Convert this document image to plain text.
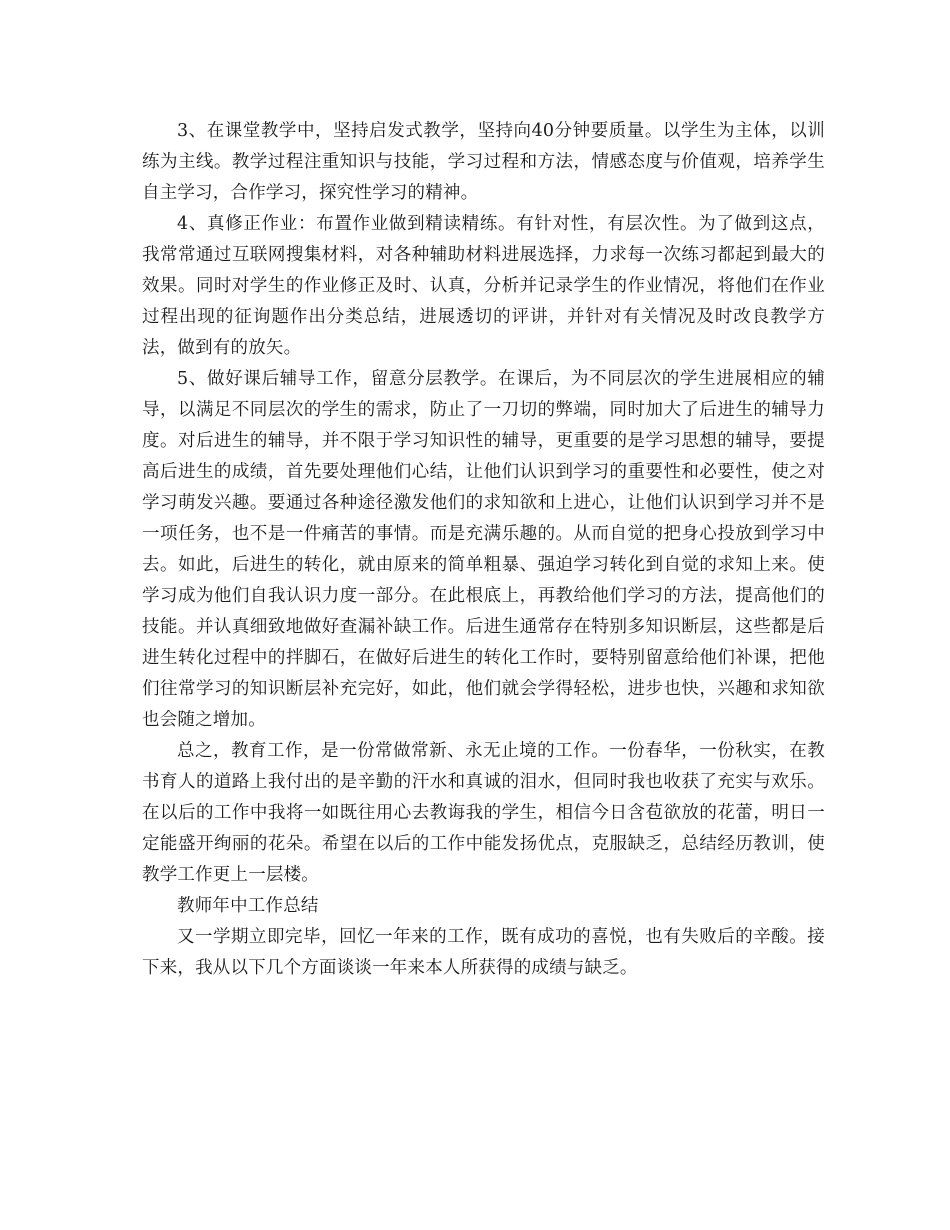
3、在课堂教学中，坚持启发式教学，坚持向40分钟要质量。以学生为主体，以训练为主线。教学过程注重知识与技能，学习过程和方法，情感态度与价值观，培养学生自主学习，合作学习，探究性学习的精神。

4、真修正作业：布置作业做到精读精练。有针对性，有层次性。为了做到这点，我常常通过互联网搜集材料，对各种辅助材料进展选择，力求每一次练习都起到最大的效果。同时对学生的作业修正及时、认真，分析并记录学生的作业情况，将他们在作业过程出现的征询题作出分类总结，进展透切的评讲，并针对有关情况及时改良教学方法，做到有的放矢。

5、做好课后辅导工作，留意分层教学。在课后，为不同层次的学生进展相应的辅导，以满足不同层次的学生的需求，防止了一刀切的弊端，同时加大了后进生的辅导力度。对后进生的辅导，并不限于学习知识性的辅导，更重要的是学习思想的辅导，要提高后进生的成绩，首先要处理他们心结，让他们认识到学习的重要性和必要性，使之对学习萌发兴趣。要通过各种途径激发他们的求知欲和上进心，让他们认识到学习并不是一项任务，也不是一件痛苦的事情。而是充满乐趣的。从而自觉的把身心投放到学习中去。如此，后进生的转化，就由原来的简单粗暴、强迫学习转化到自觉的求知上来。使学习成为他们自我认识力度一部分。在此根底上，再教给他们学习的方法，提高他们的技能。并认真细致地做好查漏补缺工作。后进生通常存在特别多知识断层，这些都是后进生转化过程中的拌脚石，在做好后进生的转化工作时，要特别留意给他们补课，把他们往常学习的知识断层补充完好，如此，他们就会学得轻松，进步也快，兴趣和求知欲也会随之增加。

总之，教育工作，是一份常做常新、永无止境的工作。一份春华，一份秋实，在教书育人的道路上我付出的是辛勤的汗水和真诚的泪水，但同时我也收获了充实与欢乐。在以后的工作中我将一如既往用心去教诲我的学生，相信今日含苞欲放的花蕾，明日一定能盛开绚丽的花朵。希望在以后的工作中能发扬优点，克服缺乏，总结经历教训，使教学工作更上一层楼。

教师年中工作总结

又一学期立即完毕，回忆一年来的工作，既有成功的喜悦，也有失败后的辛酸。接下来，我从以下几个方面谈谈一年来本人所获得的成绩与缺乏。
